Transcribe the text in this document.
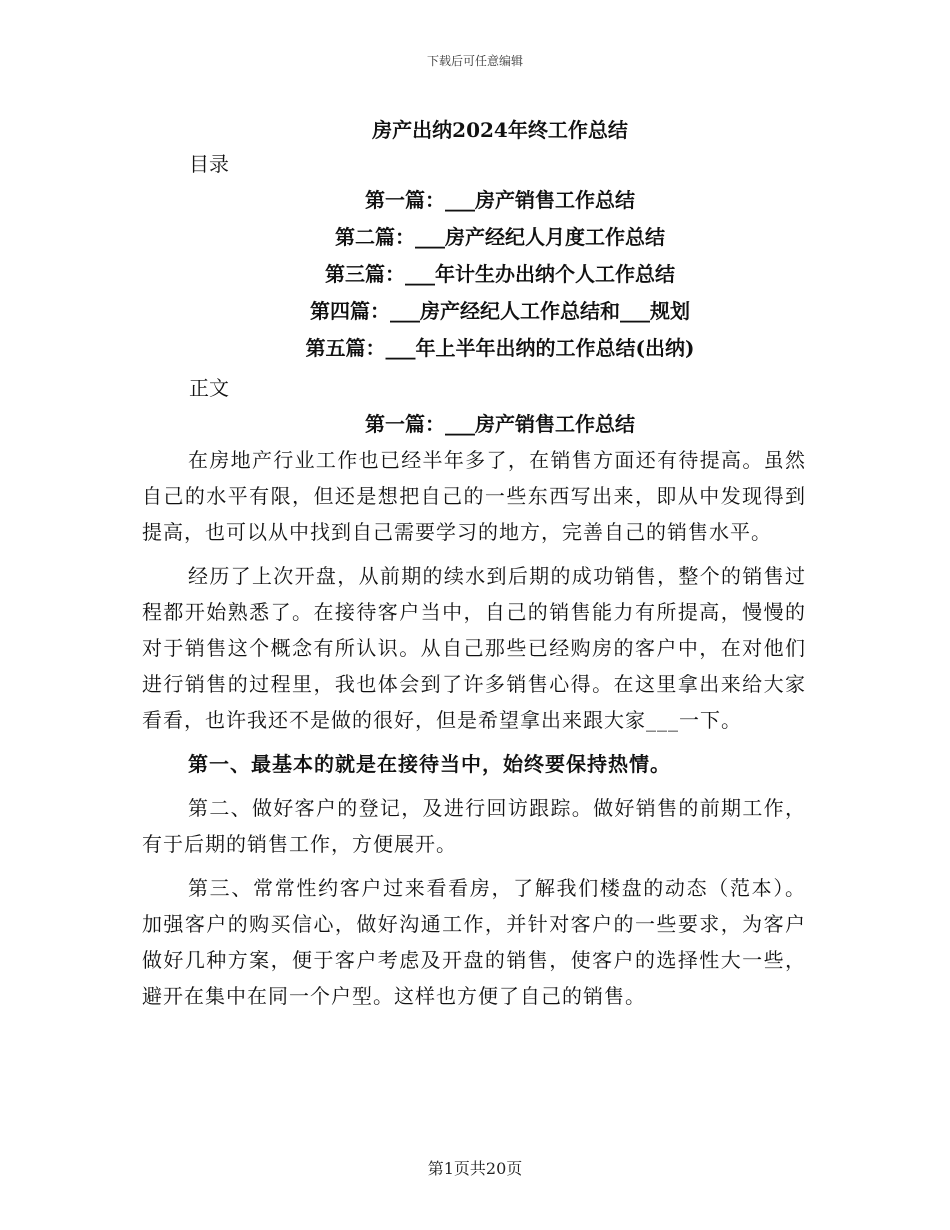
下载后可任意编辑
房产出纳2024年终工作总结
目录
第一篇：___房产销售工作总结
第二篇：___房产经纪人月度工作总结
第三篇：___年计生办出纳个人工作总结
第四篇：___房产经纪人工作总结和___规划
第五篇：___年上半年出纳的工作总结(出纳)
正文
第一篇：___房产销售工作总结

在房地产行业工作也已经半年多了，在销售方面还有待提高。虽然自己的水平有限，但还是想把自己的一些东西写出来，即从中发现得到提高，也可以从中找到自己需要学习的地方，完善自己的销售水平。

经历了上次开盘，从前期的续水到后期的成功销售，整个的销售过程都开始熟悉了。在接待客户当中，自己的销售能力有所提高，慢慢的对于销售这个概念有所认识。从自己那些已经购房的客户中，在对他们进行销售的过程里，我也体会到了许多销售心得。在这里拿出来给大家看看，也许我还不是做的很好，但是希望拿出来跟大家___一下。

第一、最基本的就是在接待当中，始终要保持热情。

第二、做好客户的登记，及进行回访跟踪。做好销售的前期工作，有于后期的销售工作，方便展开。

第三、常常性约客户过来看看房，了解我们楼盘的动态（范本）。加强客户的购买信心，做好沟通工作，并针对客户的一些要求，为客户做好几种方案，便于客户考虑及开盘的销售，使客户的选择性大一些，避开在集中在同一个户型。这样也方便了自己的销售。

第1页共20页
